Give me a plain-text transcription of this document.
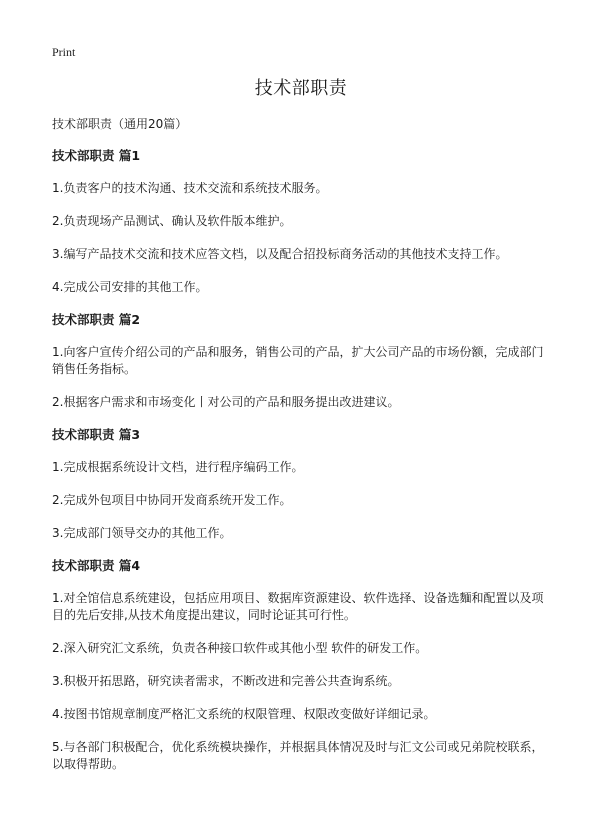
Print
技术部职责
技术部职责（通用20篇）
技术部职责 篇1

1.负责客户的技术沟通、技术交流和系统技术服务。

2.负责现场产品测试、确认及软件版本维护。

3.编写产品技术交流和技术应答文档，以及配合招投标商务活动的其他技术支持工作。

4.完成公司安排的其他工作。

技术部职责 篇2

1.向客户宣传介绍公司的产品和服务，销售公司的产品，扩大公司产品的市场份额，完成部门销售任务指标。

2.根据客户需求和市场变化丨对公司的产品和服务提出改进建议。

技术部职责 篇3

1.完成根据系统设计文档，进行程序编码工作。

2.完成外包项目中协同开发商系统开发工作。

3.完成部门领导交办的其他工作。

技术部职责 篇4

1.对全馆信息系统建设，包括应用项目、数据库资源建设、软件选择、设备选麵和配置以及项目的先后安排,从技术角度提出建议，同时论证其可行性。

2.深入研究汇文系统，负责各种接口软件或其他小型 软件的研发工作。

3.积极开拓思路，研究读者需求，不断改进和完善公共查询系统。

4.按图书馆规章制度严格汇文系统的权限管理、权限改变做好详细记录。

5.与各部门积极配合，优化系统模块操作，并根据具体情况及时与汇文公司或兄弟院校联系，以取得帮助。
